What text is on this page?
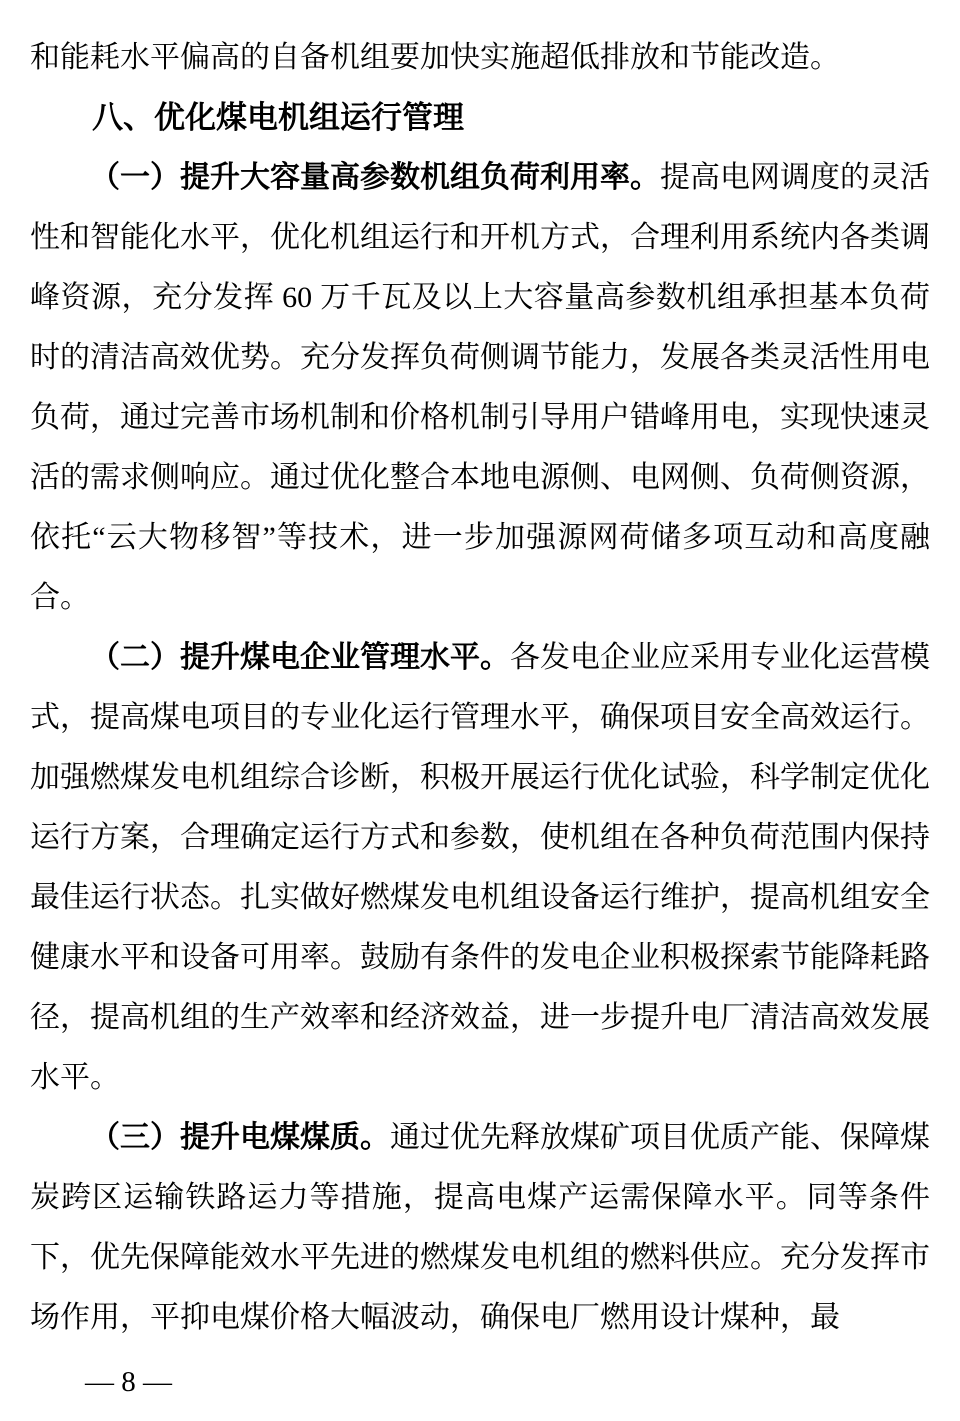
和能耗水平偏高的自备机组要加快实施超低排放和节能改造。

八、优化煤电机组运行管理

（一）提升大容量高参数机组负荷利用率。提高电网调度的灵活性和智能化水平，优化机组运行和开机方式，合理利用系统内各类调峰资源，充分发挥 60 万千瓦及以上大容量高参数机组承担基本负荷时的清洁高效优势。充分发挥负荷侧调节能力，发展各类灵活性用电负荷，通过完善市场机制和价格机制引导用户错峰用电，实现快速灵活的需求侧响应。通过优化整合本地电源侧、电网侧、负荷侧资源，依托“云大物移智”等技术，进一步加强源网荷储多项互动和高度融合。

（二）提升煤电企业管理水平。各发电企业应采用专业化运营模式，提高煤电项目的专业化运行管理水平，确保项目安全高效运行。加强燃煤发电机组综合诊断，积极开展运行优化试验，科学制定优化运行方案，合理确定运行方式和参数，使机组在各种负荷范围内保持最佳运行状态。扎实做好燃煤发电机组设备运行维护，提高机组安全健康水平和设备可用率。鼓励有条件的发电企业积极探索节能降耗路径，提高机组的生产效率和经济效益，进一步提升电厂清洁高效发展水平。

（三）提升电煤煤质。通过优先释放煤矿项目优质产能、保障煤炭跨区运输铁路运力等措施，提高电煤产运需保障水平。同等条件下，优先保障能效水平先进的燃煤发电机组的燃料供应。充分发挥市场作用，平抑电煤价格大幅波动，确保电厂燃用设计煤种，最

— 8 —
